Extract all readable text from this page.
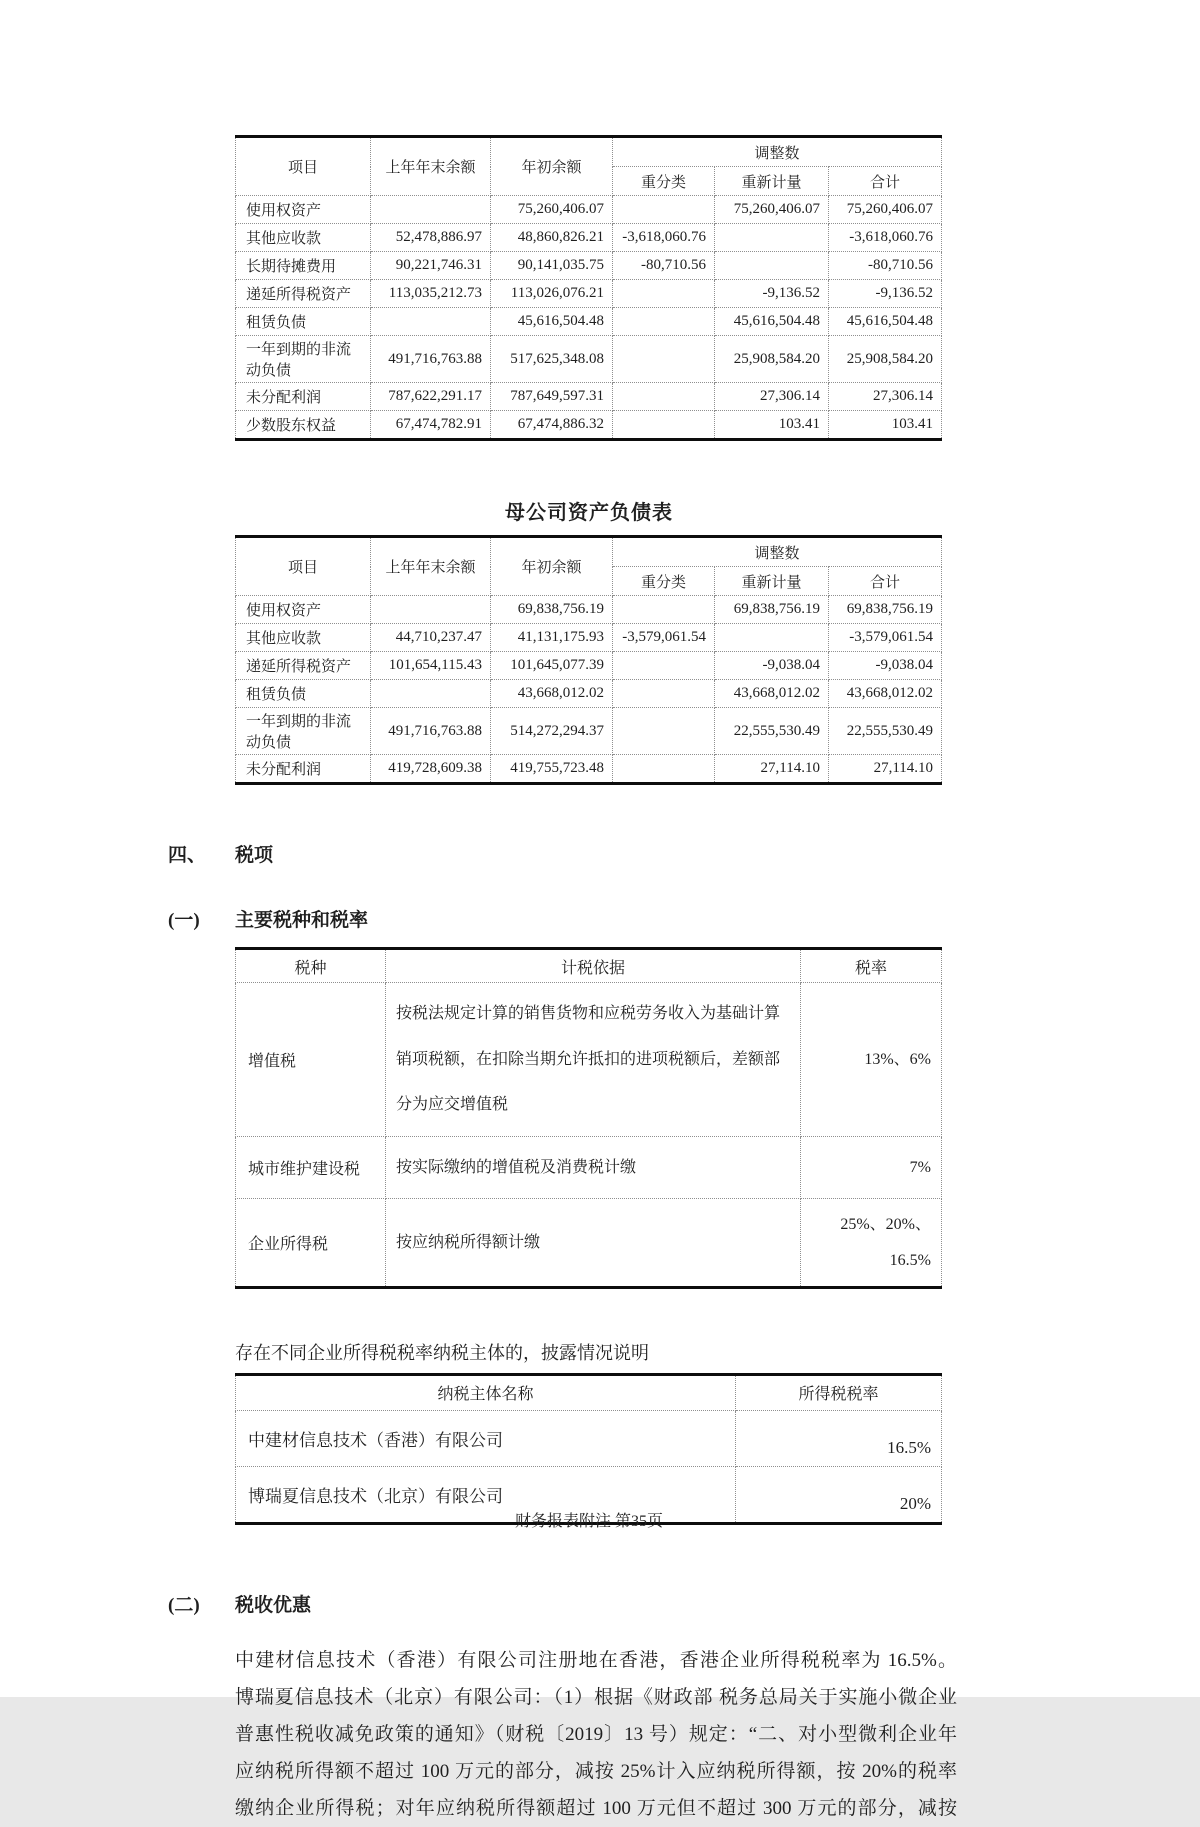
项目	上年年末余额	年初余额	调整数		
			重分类	重新计量	合计
使用权资产		75,260,406.07		75,260,406.07	75,260,406.07
其他应收款	52,478,886.97	48,860,826.21	-3,618,060.76		-3,618,060.76
长期待摊费用	90,221,746.31	90,141,035.75	-80,710.56		-80,710.56
递延所得税资产	113,035,212.73	113,026,076.21		-9,136.52	-9,136.52
租赁负债		45,616,504.48		45,616,504.48	45,616,504.48
一年到期的非流动负债	491,716,763.88	517,625,348.08		25,908,584.20	25,908,584.20
未分配利润	787,622,291.17	787,649,597.31		27,306.14	27,306.14
少数股东权益	67,474,782.91	67,474,886.32		103.41	103.41
母公司资产负债表
项目	上年年末余额	年初余额	调整数		
			重分类	重新计量	合计
使用权资产		69,838,756.19		69,838,756.19	69,838,756.19
其他应收款	44,710,237.47	41,131,175.93	-3,579,061.54		-3,579,061.54
递延所得税资产	101,654,115.43	101,645,077.39		-9,038.04	-9,038.04
租赁负债		43,668,012.02		43,668,012.02	43,668,012.02
一年到期的非流动负债	491,716,763.88	514,272,294.37		22,555,530.49	22,555,530.49
未分配利润	419,728,609.38	419,755,723.48		27,114.10	27,114.10
四、 税项
(一) 主要税种和税率
税种	计税依据	税率
增值税	按税法规定计算的销售货物和应税劳务收入为基础计算销项税额，在扣除当期允许抵扣的进项税额后，差额部分为应交增值税	13%、6%
城市维护建设税	按实际缴纳的增值税及消费税计缴	7%
企业所得税	按应纳税所得额计缴	25%、20%、16.5%
存在不同企业所得税税率纳税主体的，披露情况说明
纳税主体名称	所得税税率
中建材信息技术（香港）有限公司	16.5%
博瑞夏信息技术（北京）有限公司	20%
(二) 税收优惠
中建材信息技术（香港）有限公司注册地在香港，香港企业所得税税率为 16.5%。
博瑞夏信息技术（北京）有限公司：（1）根据《财政部 税务总局关于实施小微企业
普惠性税收减免政策的通知》（财税〔2019〕13 号）规定：“二、对小型微利企业年
应纳税所得额不超过 100 万元的部分，减按 25%计入应纳税所得额，按 20%的税率
缴纳企业所得税；对年应纳税所得额超过 100 万元但不超过 300 万元的部分，减按
财务报表附注 第35页
